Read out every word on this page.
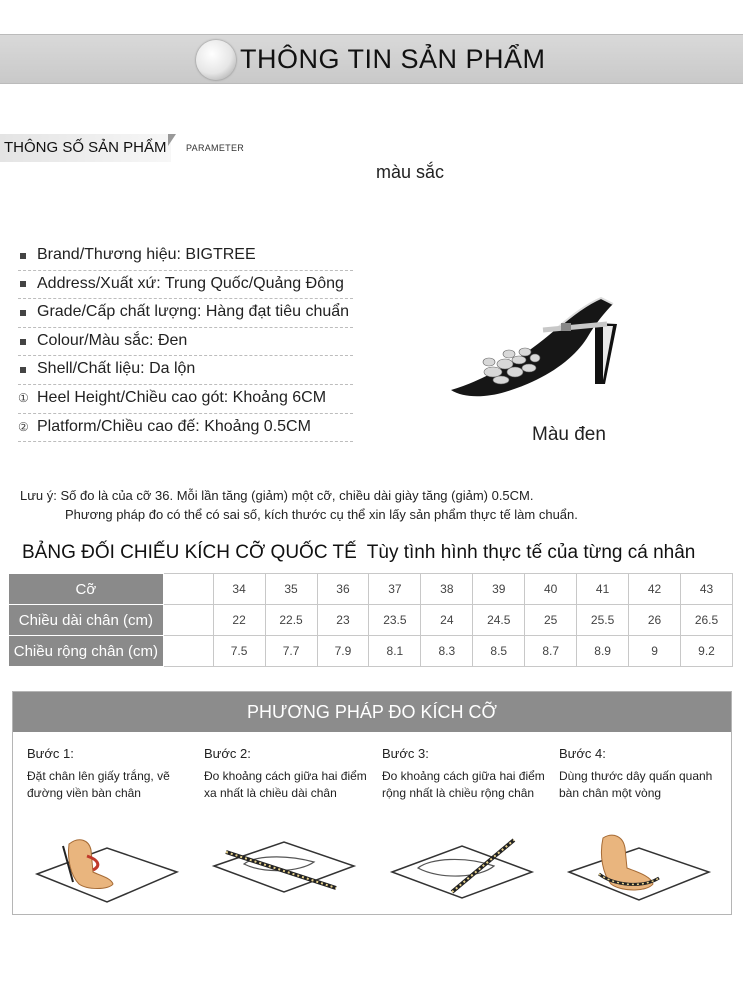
THÔNG TIN SẢN PHẨM
THÔNG SỐ SẢN PHẨM	PARAMETER
màu sắc
Brand/Thương hiệu: BIGTREE
Address/Xuất xứ: Trung Quốc/Quảng Đông
Grade/Cấp chất lượng: Hàng đạt tiêu chuẩn
Colour/Màu sắc: Đen
Shell/Chất liệu: Da lộn
① Heel Height/Chiều cao gót: Khoảng 6CM
② Platform/Chiều cao đế: Khoảng 0.5CM	Màu đen
Lưu ý: Số đo là của cỡ 36. Mỗi lần tăng (giảm) một cỡ, chiều dài giày tăng (giảm) 0.5CM.
Phương pháp đo có thể có sai số, kích thước cụ thể xin lấy sản phẩm thực tế làm chuẩn.
BẢNG ĐỐI CHIẾU KÍCH CỠ QUỐC TẾ Tùy tình hình thực tế của từng cá nhân
Cỡ		34	35	36	37	38	39	40	41	42	43
Chiều dài chân (cm)		22	22.5	23	23.5	24	24.5	25	25.5	26	26.5
Chiều rộng chân (cm)		7.5	7.7	7.9	8.1	8.3	8.5	8.7	8.9	9	9.2
PHƯƠNG PHÁP ĐO KÍCH CỠ
Bước 1:
Đặt chân lên giấy trắng, vẽ đường viền bàn chân
Bước 2:
Đo khoảng cách giữa hai điểm xa nhất là chiều dài chân
Bước 3:
Đo khoảng cách giữa hai điểm rộng nhất là chiều rộng chân
Bước 4:
Dùng thước dây quấn quanh bàn chân một vòng
